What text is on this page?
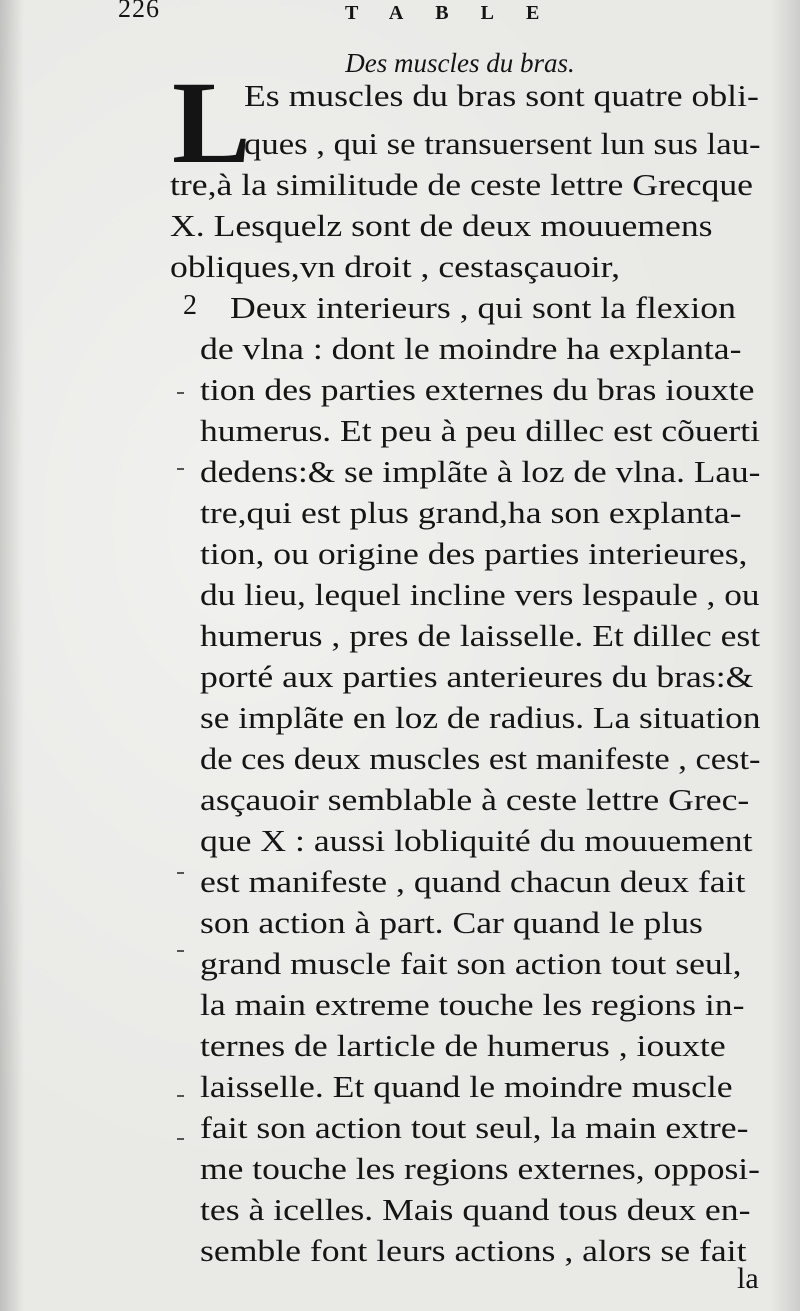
226	TABLE
Des muscles du bras.
L
Es muscles du bras sont quatre obli-
ques , qui se transuersent lun sus lau-
tre,à la similitude de ceste lettre Grecque
X. Lesquelz sont de deux mouuemens
obliques,vn droit , cestasçauoir,
2 Deux interieurs , qui sont la flexion
de vlna : dont le moindre ha explanta-
tion des parties externes du bras iouxte
humerus. Et peu à peu dillec est cõuerti
dedens:& se implãte à loz de vlna. Lau-
tre,qui est plus grand,ha son explanta-
tion, ou origine des parties interieures,
du lieu, lequel incline vers lespaule , ou
humerus , pres de laisselle. Et dillec est
porté aux parties anterieures du bras:&
se implãte en loz de radius. La situation
de ces deux muscles est manifeste , cest-
asçauoir semblable à ceste lettre Grec-
que X : aussi lobliquité du mouuement
est manifeste , quand chacun deux fait
son action à part. Car quand le plus
grand muscle fait son action tout seul,
la main extreme touche les regions in-
ternes de larticle de humerus , iouxte
laisselle. Et quand le moindre muscle
fait son action tout seul, la main extre-
me touche les regions externes, opposi-
tes à icelles. Mais quand tous deux en-
semble font leurs actions , alors se fait
la
